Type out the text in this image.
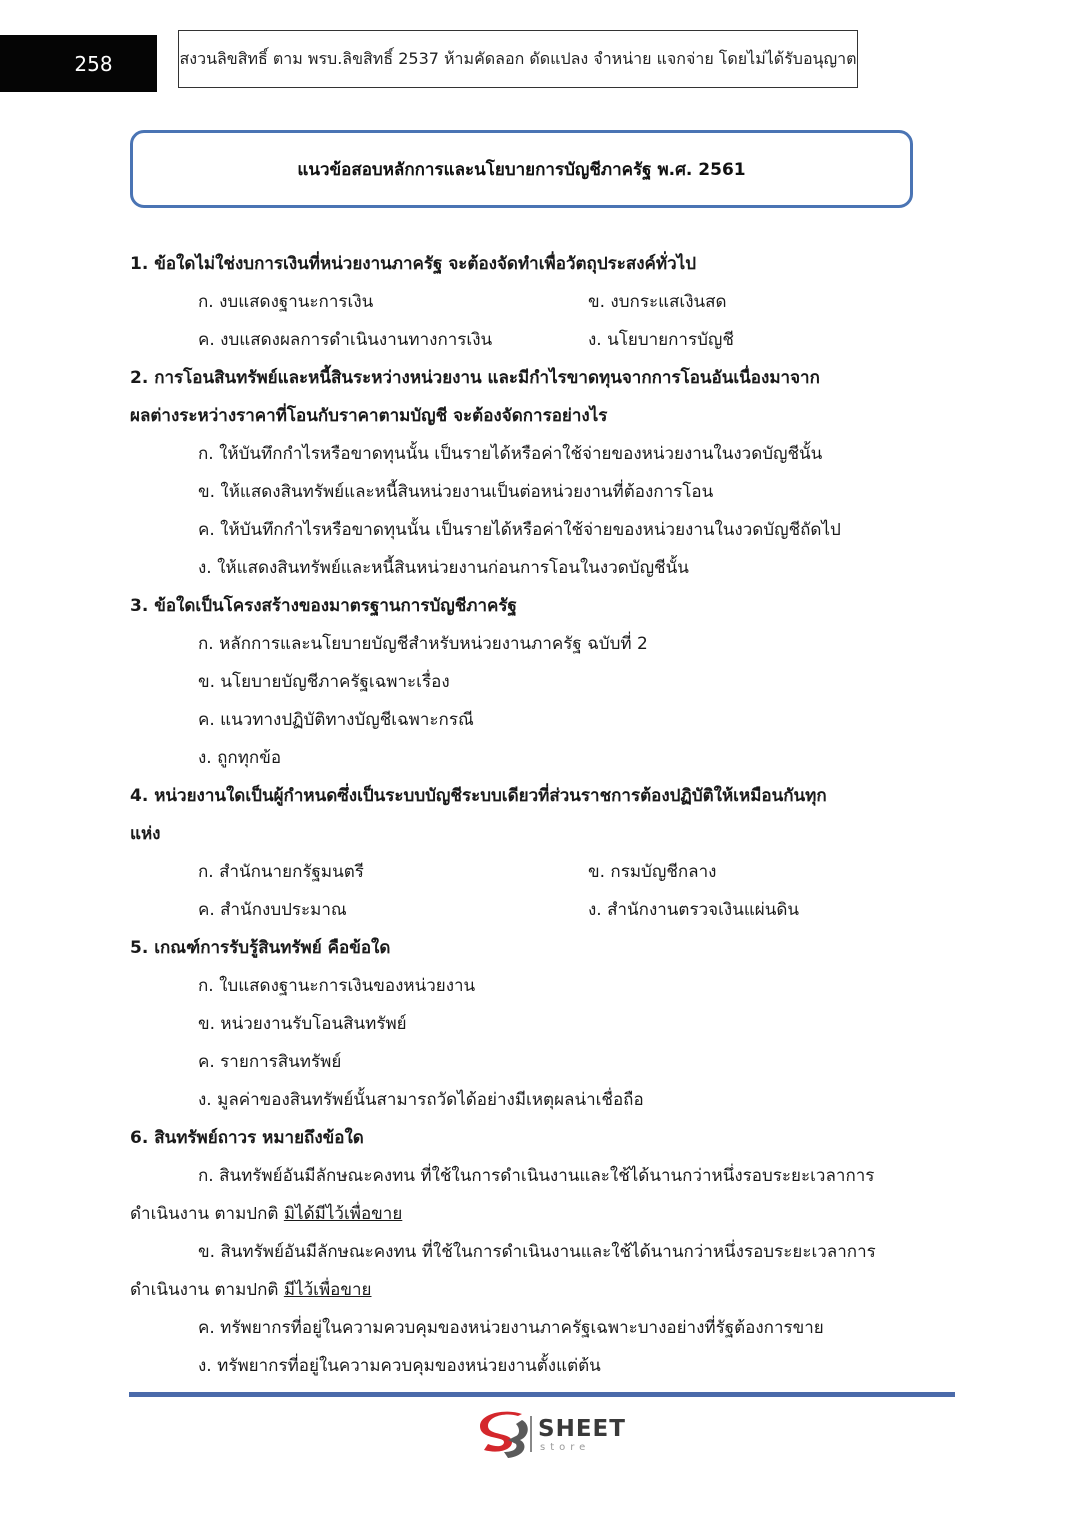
258	สงวนลิขสิทธิ์ ตาม พรบ.ลิขสิทธิ์ 2537 ห้ามคัดลอก ดัดแปลง จำหน่าย แจกจ่าย โดยไม่ได้รับอนุญาต
แนวข้อสอบหลักการและนโยบายการบัญชีภาครัฐ พ.ศ. 2561
1. ข้อใดไม่ใช่งบการเงินที่หน่วยงานภาครัฐ จะต้องจัดทำเพื่อวัตถุประสงค์ทั่วไป
ก. งบแสดงฐานะการเงิน	ข. งบกระแสเงินสด
ค. งบแสดงผลการดำเนินงานทางการเงิน	ง. นโยบายการบัญชี
2. การโอนสินทรัพย์และหนี้สินระหว่างหน่วยงาน และมีกำไรขาดทุนจากการโอนอันเนื่องมาจาก
ผลต่างระหว่างราคาที่โอนกับราคาตามบัญชี จะต้องจัดการอย่างไร
ก. ให้บันทึกกำไรหรือขาดทุนนั้น เป็นรายได้หรือค่าใช้จ่ายของหน่วยงานในงวดบัญชีนั้น
ข. ให้แสดงสินทรัพย์และหนี้สินหน่วยงานเป็นต่อหน่วยงานที่ต้องการโอน
ค. ให้บันทึกกำไรหรือขาดทุนนั้น เป็นรายได้หรือค่าใช้จ่ายของหน่วยงานในงวดบัญชีถัดไป
ง. ให้แสดงสินทรัพย์และหนี้สินหน่วยงานก่อนการโอนในงวดบัญชีนั้น
3. ข้อใดเป็นโครงสร้างของมาตรฐานการบัญชีภาครัฐ
ก. หลักการและนโยบายบัญชีสำหรับหน่วยงานภาครัฐ ฉบับที่ 2
ข. นโยบายบัญชีภาครัฐเฉพาะเรื่อง
ค. แนวทางปฏิบัติทางบัญชีเฉพาะกรณี
ง. ถูกทุกข้อ
4. หน่วยงานใดเป็นผู้กำหนดซึ่งเป็นระบบบัญชีระบบเดียวที่ส่วนราชการต้องปฏิบัติให้เหมือนกันทุก
แห่ง
ก. สำนักนายกรัฐมนตรี	ข. กรมบัญชีกลาง
ค. สำนักงบประมาณ	ง. สำนักงานตรวจเงินแผ่นดิน
5. เกณฑ์การรับรู้สินทรัพย์ คือข้อใด
ก. ใบแสดงฐานะการเงินของหน่วยงาน
ข. หน่วยงานรับโอนสินทรัพย์
ค. รายการสินทรัพย์
ง. มูลค่าของสินทรัพย์นั้นสามารถวัดได้อย่างมีเหตุผลน่าเชื่อถือ
6. สินทรัพย์ถาวร หมายถึงข้อใด
ก. สินทรัพย์อันมีลักษณะคงทน ที่ใช้ในการดำเนินงานและใช้ได้นานกว่าหนึ่งรอบระยะเวลาการ
ดำเนินงาน ตามปกติ มิได้มีไว้เพื่อขาย
ข. สินทรัพย์อันมีลักษณะคงทน ที่ใช้ในการดำเนินงานและใช้ได้นานกว่าหนึ่งรอบระยะเวลาการ
ดำเนินงาน ตามปกติ มีไว้เพื่อขาย
ค. ทรัพยากรที่อยู่ในความควบคุมของหน่วยงานภาครัฐเฉพาะบางอย่างที่รัฐต้องการขาย
ง. ทรัพยากรที่อยู่ในความควบคุมของหน่วยงานตั้งแต่ต้น
SHEET
store
